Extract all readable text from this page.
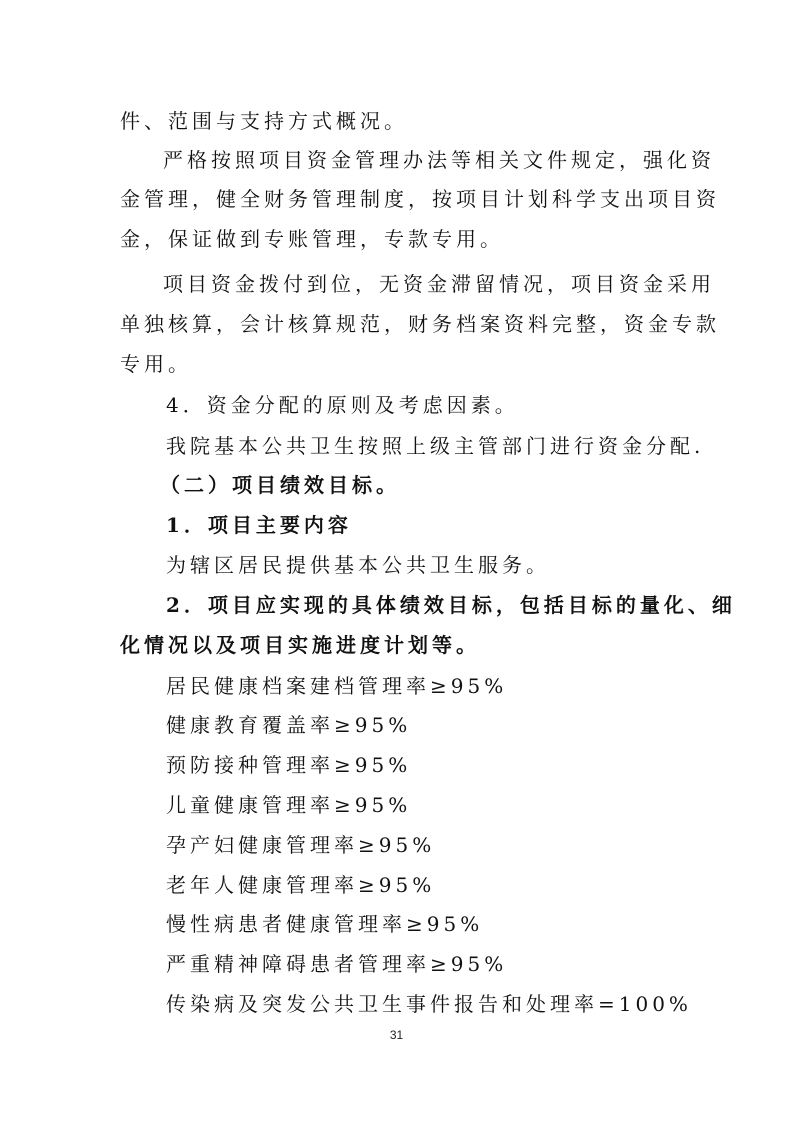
件、范围与支持方式概况。
严格按照项目资金管理办法等相关文件规定，强化资
金管理，健全财务管理制度，按项目计划科学支出项目资
金，保证做到专账管理，专款专用。
项目资金拨付到位，无资金滞留情况，项目资金采用
单独核算，会计核算规范，财务档案资料完整，资金专款
专用。
4．资金分配的原则及考虑因素。
我院基本公共卫生按照上级主管部门进行资金分配.
（二）项目绩效目标。
1．项目主要内容
为辖区居民提供基本公共卫生服务。
2．项目应实现的具体绩效目标，包括目标的量化、细
化情况以及项目实施进度计划等。
居民健康档案建档管理率≥95%
健康教育覆盖率≥95%
预防接种管理率≥95%
儿童健康管理率≥95%
孕产妇健康管理率≥95%
老年人健康管理率≥95%
慢性病患者健康管理率≥95%
严重精神障碍患者管理率≥95%
传染病及突发公共卫生事件报告和处理率=100%
31
